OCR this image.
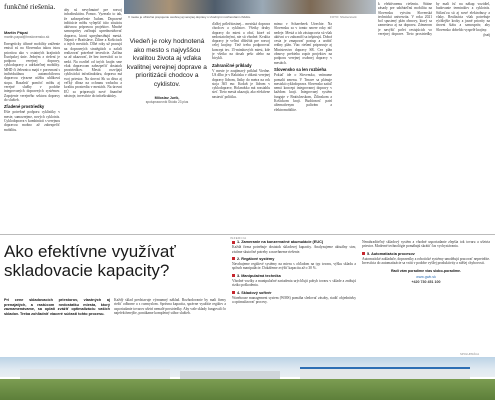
funkčné riešenia.
Martin Pápai
martin.papai@hnslovensko.sk

Energeticky účinné mobility zníženie emisií sú na Slovensku takou istou prioritou ako v ostatných krajinách Európskej únie. Jedným z riešení je podpora verejnej dopravy, cyklodopravy a udržateľnej mobility. MHD či železnica majú v porovnaní s individuálnou automobilovou dopravou výrazne nižšiu uhlíkovú stopu. Bazalrúť pomôcť môžu aj verejné služby v podobe integrovaných dopravných systémov. Zapojenie verejného sektora dopravy do služieb.

Zľadené prostriedky

Ešte potrebné podporu cyklistiky v meste, samozrejme, nových cyklotrás. Cyklodoprava v kombinácii s verejnou dopravou možno až zabezpečiť mobilitu.

aby sú nevyhnutné pre rozvoj infraštruktúru. Pomoc. Vyzeralo to tak, že zabezpečenie ľudom. Dopravné inštitúcie môžu vylepšiť túto situáciu aktívnou prípravou projektov. Mnohé samosprávy začínajú uprednostňovať dopravu, ktorú uprednostňujú mestá. Najmä v Bratislave, Žiline a Košiciach a iných mestách. Dlhé roky už pracujú na dopravných stratégiách a začali realizovať potrebné investície. Začína sa až ukazovať, že bez investícií sa to nedá. Na rozdiel od iných krajín sme však dopravcom zabezpečiť dostatok prostriedkov. Mestá rozvíjajú cyklistickú infraštruktúru, doprava má svoj priestor. Na úrovni Sk sa dáva aj veľký dôraz na ochranu vzduchu a kvalitu prostredia v mestách. Na úrovni EÚ sa pripravujú nové finančné nástroje, investície do infraštruktúry.

V meste je užitočné prepojenie osobnej aj verejnej dopravy s vhodnými možnosťami chôdze.	FOTO: Shutterstock
Viedeň je roky hodnotená ako mesto s najvyššou kvalitou života aj vďaka kvalitnej verejnej doprave a prioritizácii chodcov a cyklistov.
Miloslav Jurík,
spolupracovník Štúdio 23 plus

ďalšej príležitostnej... mestská doprava chodcov a cyklistov. Všetky druhy dopravy do miest a obcí, ktoré sú nedostatočnými, nie sú vhodné. Kvalita dopravy je veľmi dôležitá pre rozvoj celej krajiny. Tiež treba podporovať koncept tzv. 15-minútových miest, kde je všetko na dosah pešo alebo na bicykli.

Zahraničné príklady

V meste je zaujímavý príklad Viedne. Už dlho je v Rakúsku v oblasti verejnej dopravy lídrom, lístky do metra na rok stoja 365 eur. Kodaň je lídrom v cyklodoprave, Holandsko má rozsiahlu sieť. Tieto mestá ukazujú, ako efektívne nastaviť politiku.

mimo v Schaerbeek Utrechte. Na Slovensku sa v tomto smere roky nič nedeje. Mestá a ich zástupcovia sú však aktívni a v zahraničí sa inšpirujú. Dobrá cesta je zmapovať postup a urobiť reálny plán. Viac riešení pripravuje aj Ministerstvo dopravy SR. Cez plán obnovy prebieha zopár projektov na podporu verejnej osobnej dopravy v mestách.

Slovensko sa len rozbieha

Pokiaľ ide o Slovensko, vnímame pomalú zmenu. V Trnave sa plánuje mestská cyklodoprava. Slovensko zatiaľ nemá koncept integrovanej dopravy v každom kraji. Integrovaný systém funguje v Bratislavskom, Žilinskom a Košickom kraji. Budúcnosť patrí alternatívnym palivám a elektromobilite.

k efektívnemu riešeniu. Štátne zásady pre udržateľnú mobilitu na Slovensku vytvára Slovenská technická univerzita. V roku 2021 bol spustený plán obnovy, ktorý sa zameriava aj na dopravu. Zámerom je navýšiť počet cestujúcich vo verejnej doprave. Tieto prostriedky by mali ísť na nákup vozidiel, budovanie terminálov a cyklotrás. Súčasťou sú aj nové elektrobusy a vlaky. Realizácia však potrebuje rýchlejšie kroky a jasné priority na úrovni štátu a samospráv, aby Slovensko dobehlo vyspelé krajiny.

(hal)

INZERCIA
Ako efektívne využívať skladovacie kapacity?

Pri cene skladovacích priestorov, vlastných aj prenajatých, a rastúcom nedostatku miesta, ktorý zaznamenávame, sa oplatí zvážiť optimalizáciu vašich skladov. Treba zohľadniť viaceré súčasti tohto procesu.

Každý sklad predstavuje významný náklad. Rozhodovanie by mali firmy riešiť odborne a s rozmyslom. Správna kapacita, správne využitie regálov a usporiadanie tovarov ušetrí nemalé prostriedky. Aby vaše sklady fungovali čo najefektívnejšie, ponúkame kompletný súbor služieb.

1. Zameranie na konzervačné akumulácie (EUC)

Každá firma potrebuje dostatok skladovej kapacity. Analyzujeme aktuálny stav, zistíme skutočné potreby a navrhneme riešenie.

2. Regálové systémy

Navrhujeme regálové systémy na mieru s ohľadom na typ tovaru, výšku skladu a spôsob manipulácie. Dokážeme zvýšiť kapacitu až o 30 %.

3. Manipulačná technika

Vhodné vozíky a manipulačné zariadenia urýchľujú pohyb tovaru v sklade a znižujú riziko poškodenia.

4. Skladový softvér

Warehouse management system (WMS) pomáha sledovať zásoby, riadiť objednávky a optimalizovať procesy.

Nenahraditeľný skladový systém a vhodné usporiadanie zlepšia tok tovaru a ušetria priestor. Moderné technológie pomáhajú skrátiť čas vychystávania.

5. Automatizácia procesov

Automatické zakladače, dopravníky a robotické systémy umožňujú pracovať nepretržite. Investícia do automatizácie sa vráti v podobe vyššej produktivity a nižšej chybovosti.

Radi vám poradíme vias slobo-poradíme.

www.gwb.sk

+420 730 451 100

SPOLUPRÁCA
